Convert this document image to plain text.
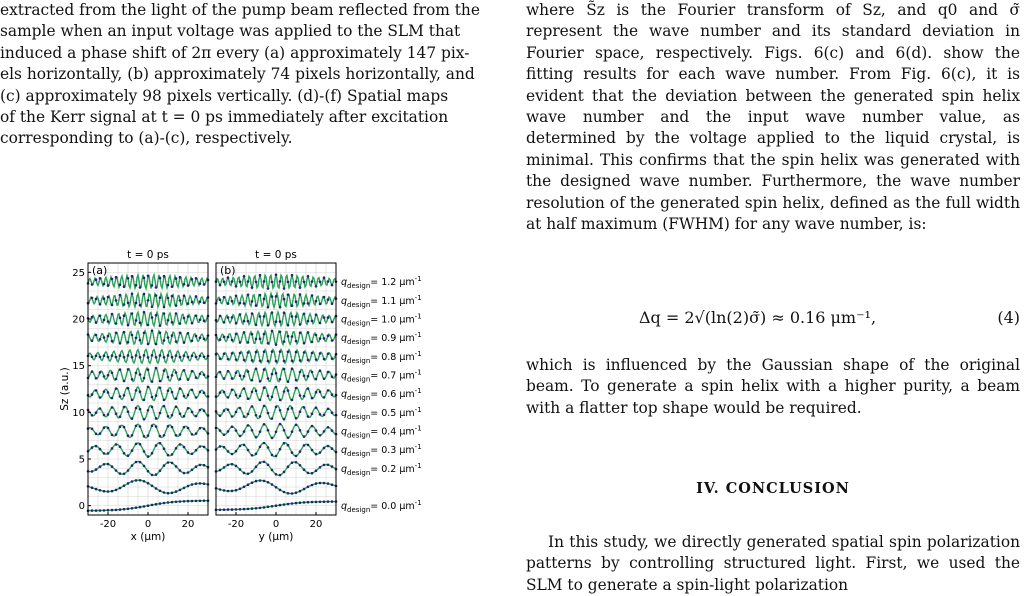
extracted from the light of the pump beam reflected from the
sample when an input voltage was applied to the SLM that
induced a phase shift of 2π every (a) approximately 147 pix-
els horizontally, (b) approximately 74 pixels horizontally, and
(c) approximately 98 pixels vertically. (d)-(f) Spatial maps
of the Kerr signal at t = 0 ps immediately after excitation
corresponding to (a)-(c), respectively.

where S̃z is the Fourier transform of Sz, and q0 and σ̃ represent the wave number and its standard deviation in Fourier space, respectively. Figs. 6(c) and 6(d). show the fitting results for each wave number. From Fig. 6(c), it is evident that the deviation between the generated spin helix wave number and the input wave number value, as determined by the voltage applied to the liquid crystal, is minimal. This confirms that the spin helix was generated with the designed wave number. Furthermore, the wave number resolution of the generated spin helix, defined as the full width at half maximum (FWHM) for any wave number, is:

Δq = 2√(ln(2)σ̃) ≈ 0.16 μm⁻¹,	(4)

which is influenced by the Gaussian shape of the original beam. To generate a spin helix with a higher purity, a beam with a flatter top shape would be required.

IV. CONCLUSION

In this study, we directly generated spatial spin polarization patterns by controlling structured light. First, we used the SLM to generate a spin-light polarization

(a)
t = 0 ps
-20	0	20
x (μm)
(b)
t = 0 ps
-20	0	20
y (μm)
0
5
10
15
20
25
Sz (a.u.)
$q_{design}= 1.2$ $\mu m^{-1}$
$q_{design}= 1.1$ $\mu m^{-1}$
$q_{design}= 1.0$ $\mu m^{-1}$
$q_{design}= 0.9$ $\mu m^{-1}$
$q_{design}= 0.8$ $\mu m^{-1}$
$q_{design}= 0.7$ $\mu m^{-1}$
$q_{design}= 0.6$ $\mu m^{-1}$
$q_{design}= 0.5$ $\mu m^{-1}$
$q_{design}= 0.4$ $\mu m^{-1}$
$q_{design}= 0.3$ $\mu m^{-1}$
$q_{design}= 0.2$ $\mu m^{-1}$
$q_{design}= 0.0$ $\mu m^{-1}$
